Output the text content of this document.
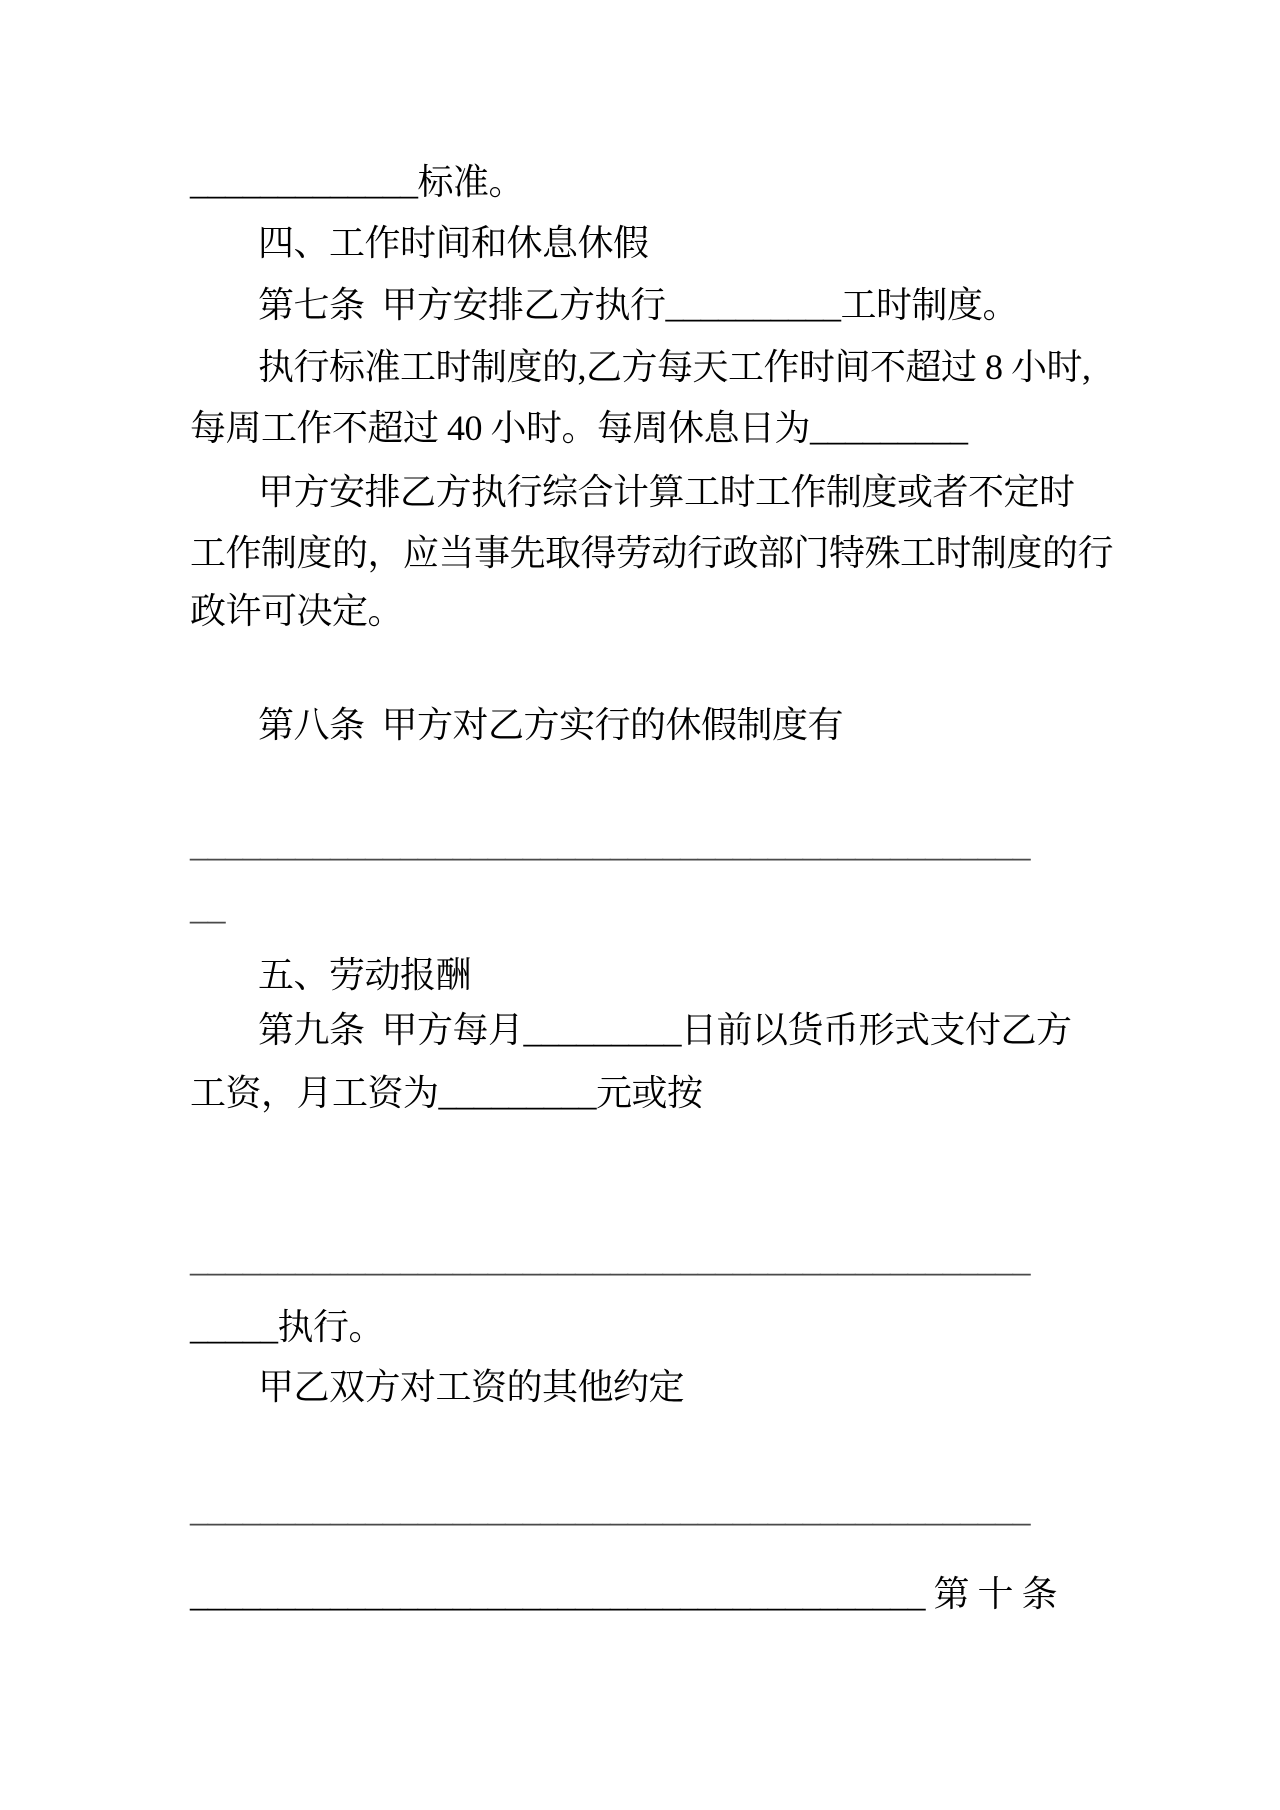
_____________标准。
四、工作时间和休息休假
第七条  甲方安排乙方执行__________工时制度。
执行标准工时制度的,乙方每天工作时间不超过 8 小时,
每周工作不超过 40 小时。每周休息日为_________
甲方安排乙方执行综合计算工时工作制度或者不定时
工作制度的，应当事先取得劳动行政部门特殊工时制度的行
政许可决定。
第八条  甲方对乙方实行的休假制度有
________________________________________________
__
五、劳动报酬
第九条  甲方每月_________日前以货币形式支付乙方
工资，月工资为_________元或按
________________________________________________
_____执行。
甲乙双方对工资的其他约定
________________________________________________
__________________________________________ 第 十 条
